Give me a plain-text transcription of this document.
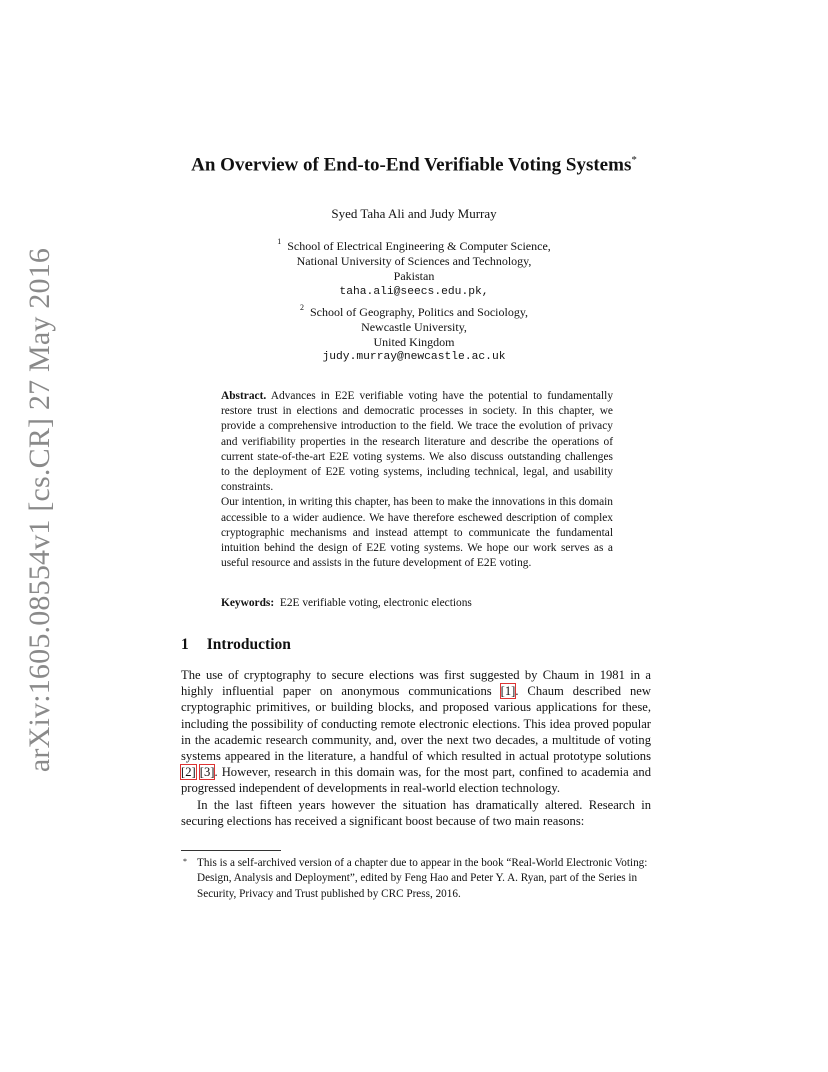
arXiv:1605.08554v1 [cs.CR] 27 May 2016
An Overview of End-to-End Verifiable Voting Systems*
Syed Taha Ali and Judy Murray
$^1$ School of Electrical Engineering & Computer Science,
National University of Sciences and Technology,
Pakistan
taha.ali@seecs.edu.pk,
$^2$ School of Geography, Politics and Sociology,
Newcastle University,
United Kingdom
judy.murray@newcastle.ac.uk

Abstract. Advances in E2E verifiable voting have the potential to fundamentally restore trust in elections and democratic processes in society. In this chapter, we provide a comprehensive introduction to the field. We trace the evolution of privacy and verifiability properties in the research literature and describe the operations of current state-of-the-art E2E voting systems. We also discuss outstanding challenges to the deployment of E2E voting systems, including technical, legal, and usability constraints.

Our intention, in writing this chapter, has been to make the innovations in this domain accessible to a wider audience. We have therefore eschewed description of complex cryptographic mechanisms and instead attempt to communicate the fundamental intuition behind the design of E2E voting systems. We hope our work serves as a useful resource and assists in the future development of E2E voting.

Keywords: E2E verifiable voting, electronic elections
1 Introduction

The use of cryptography to secure elections was first suggested by Chaum in 1981 in a highly influential paper on anonymous communications [1]. Chaum described new cryptographic primitives, or building blocks, and proposed various applications for these, including the possibility of conducting remote electronic elections. This idea proved popular in the academic research community, and, over the next two decades, a multitude of voting systems appeared in the literature, a handful of which resulted in actual prototype solutions [2] [3]. However, research in this domain was, for the most part, confined to academia and progressed independent of developments in real-world election technology.

In the last fifteen years however the situation has dramatically altered. Research in securing elections has received a significant boost because of two main reasons:

* This is a self-archived version of a chapter due to appear in the book “Real-World Electronic Voting: Design, Analysis and Deployment”, edited by Feng Hao and Peter Y. A. Ryan, part of the Series in Security, Privacy and Trust published by CRC Press, 2016.
